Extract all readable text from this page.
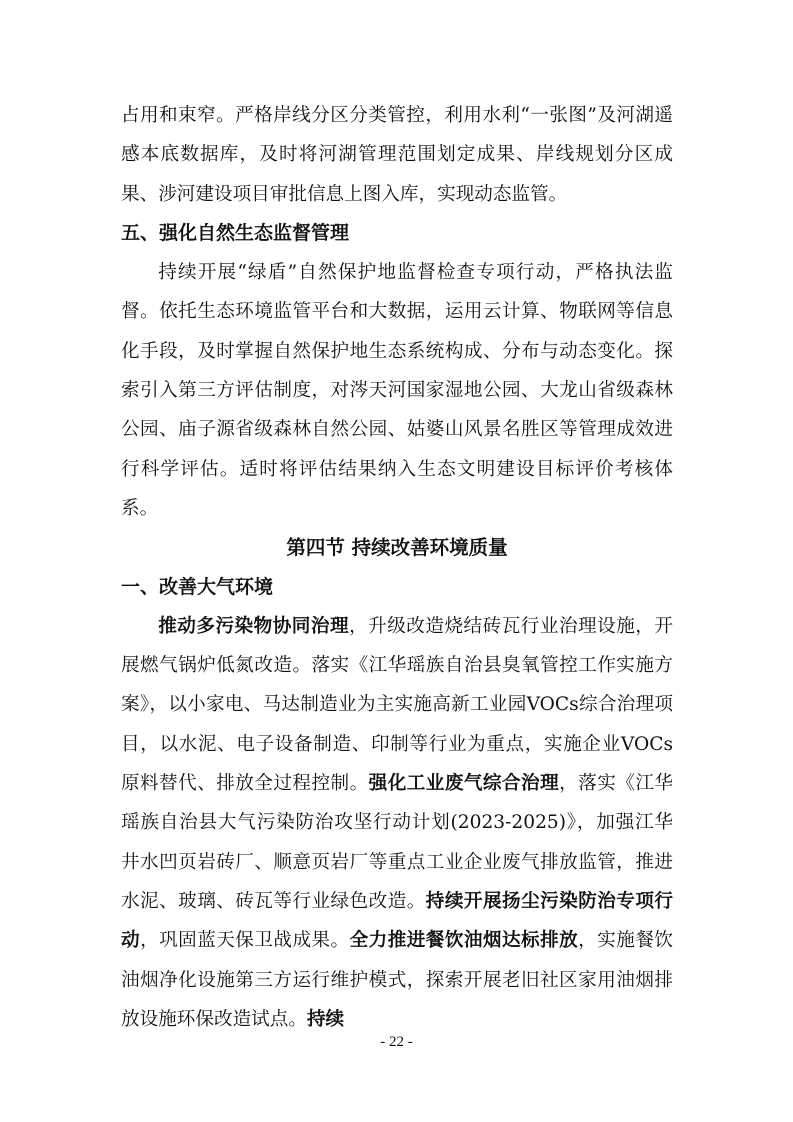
占用和束窄。严格岸线分区分类管控，利用水利“一张图”及河湖遥感本底数据库，及时将河湖管理范围划定成果、岸线规划分区成果、涉河建设项目审批信息上图入库，实现动态监管。

五、强化自然生态监督管理

持续开展“绿盾”自然保护地监督检查专项行动，严格执法监督。依托生态环境监管平台和大数据，运用云计算、物联网等信息化手段，及时掌握自然保护地生态系统构成、分布与动态变化。探索引入第三方评估制度，对涔天河国家湿地公园、大龙山省级森林公园、庙子源省级森林自然公园、姑婆山风景名胜区等管理成效进行科学评估。适时将评估结果纳入生态文明建设目标评价考核体系。

第四节 持续改善环境质量

一、改善大气环境

推动多污染物协同治理，升级改造烧结砖瓦行业治理设施，开展燃气锅炉低氮改造。落实《江华瑶族自治县臭氧管控工作实施方案》，以小家电、马达制造业为主实施高新工业园VOCs综合治理项目，以水泥、电子设备制造、印制等行业为重点，实施企业VOCs原料替代、排放全过程控制。强化工业废气综合治理，落实《江华瑶族自治县大气污染防治攻坚行动计划(2023-2025)》，加强江华井水凹页岩砖厂、顺意页岩厂等重点工业企业废气排放监管，推进水泥、玻璃、砖瓦等行业绿色改造。持续开展扬尘污染防治专项行动，巩固蓝天保卫战成果。全力推进餐饮油烟达标排放，实施餐饮油烟净化设施第三方运行维护模式，探索开展老旧社区家用油烟排放设施环保改造试点。持续

- 22 -
